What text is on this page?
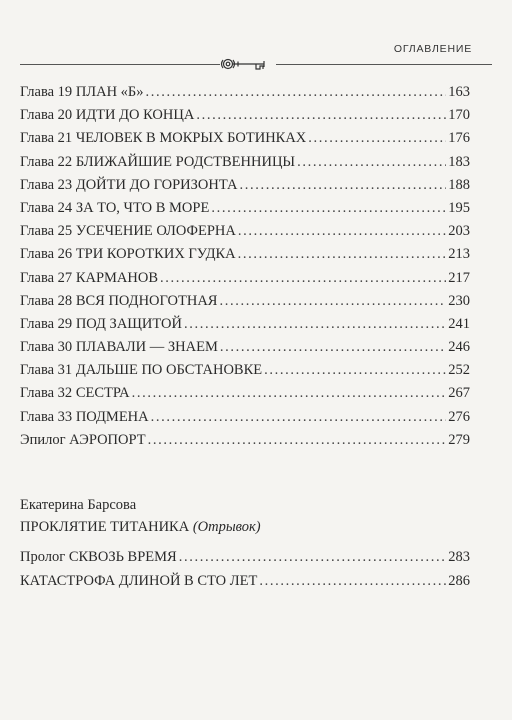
ОГЛАВЛЕНИЕ
Глава 19 ПЛАН «Б» . . .	163
Глава 20 ИДТИ ДО КОНЦА . . .	170
Глава 21 ЧЕЛОВЕК В МОКРЫХ БОТИНКАХ . . .	176
Глава 22 БЛИЖАЙШИЕ РОДСТВЕННИЦЫ . . .	183
Глава 23 ДОЙТИ ДО ГОРИЗОНТА . . .	188
Глава 24 ЗА ТО, ЧТО В МОРЕ . . .	195
Глава 25 УСЕЧЕНИЕ ОЛОФЕРНА . . .	203
Глава 26 ТРИ КОРОТКИХ ГУДКА . . .	213
Глава 27 КАРМАНОВ . . .	217
Глава 28 ВСЯ ПОДНОГОТНАЯ . . .	230
Глава 29 ПОД ЗАЩИТОЙ . . .	241
Глава 30 ПЛАВАЛИ — ЗНАЕМ . . .	246
Глава 31 ДАЛЬШЕ ПО ОБСТАНОВКЕ . . .	252
Глава 32 СЕСТРА . . .	267
Глава 33 ПОДМЕНА . . .	276
Эпилог АЭРОПОРТ . . .	279
Екатерина Барсова
ПРОКЛЯТИЕ ТИТАНИКА (Отрывок)
Пролог СКВОЗЬ ВРЕМЯ . . .	283
КАТАСТРОФА ДЛИНОЙ В СТО ЛЕТ . . .	286
